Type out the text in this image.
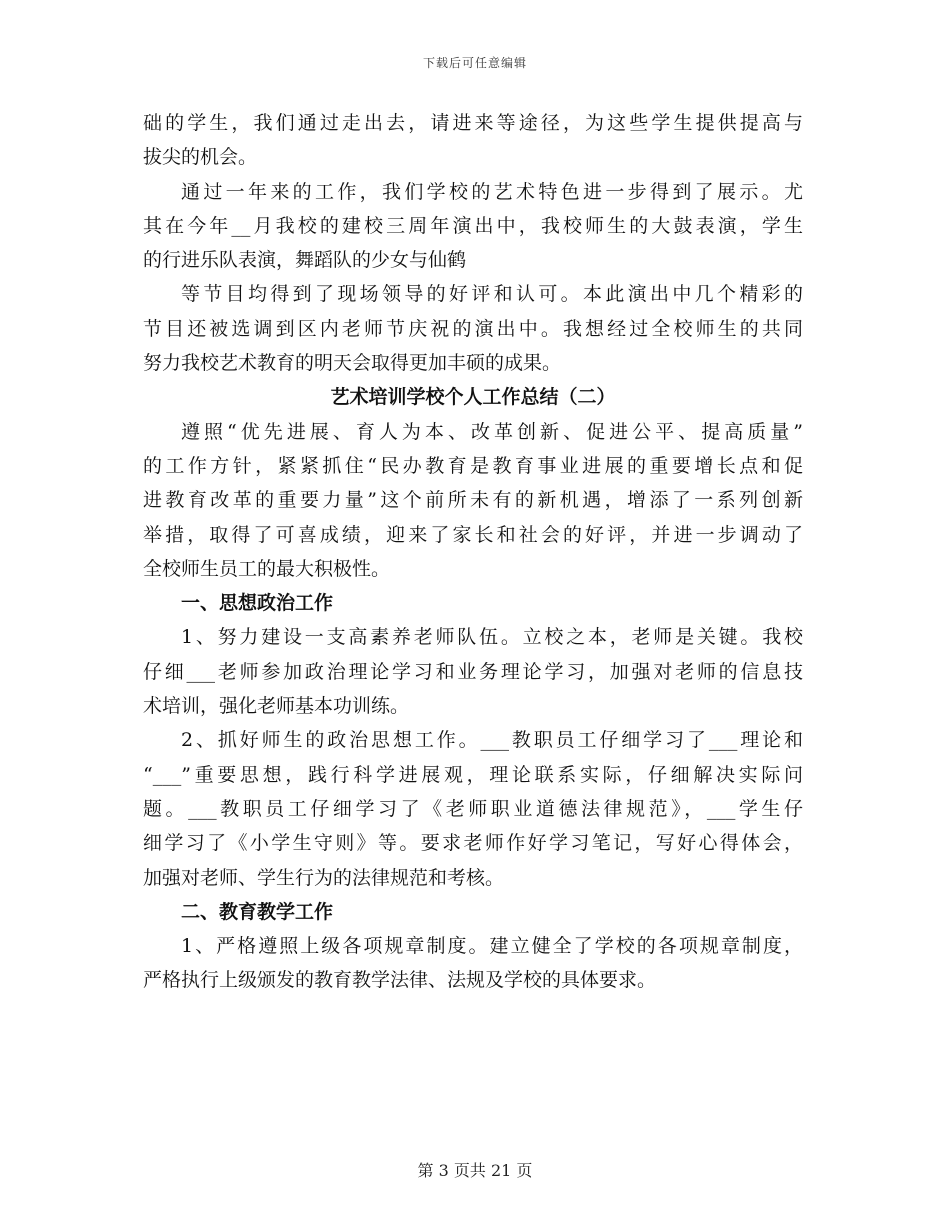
下载后可任意编辑
础的学生，我们通过走出去，请进来等途径，为这些学生提供提高与
拔尖的机会。
通过一年来的工作，我们学校的艺术特色进一步得到了展示。尤
其在今年__月我校的建校三周年演出中，我校师生的大鼓表演，学生
的行进乐队表演，舞蹈队的少女与仙鹤
等节目均得到了现场领导的好评和认可。本此演出中几个精彩的
节目还被选调到区内老师节庆祝的演出中。我想经过全校师生的共同
努力我校艺术教育的明天会取得更加丰硕的成果。
艺术培训学校个人工作总结（二）
遵照“优先进展、育人为本、改革创新、促进公平、提高质量”
的工作方针，紧紧抓住“民办教育是教育事业进展的重要增长点和促
进教育改革的重要力量”这个前所未有的新机遇，增添了一系列创新
举措，取得了可喜成绩，迎来了家长和社会的好评，并进一步调动了
全校师生员工的最大积极性。
一、思想政治工作
1、努力建设一支高素养老师队伍。立校之本，老师是关键。我校
仔细___老师参加政治理论学习和业务理论学习，加强对老师的信息技
术培训，强化老师基本功训练。
2、抓好师生的政治思想工作。___教职员工仔细学习了___理论和
“___”重要思想，践行科学进展观，理论联系实际，仔细解决实际问
题。___教职员工仔细学习了《老师职业道德法律规范》，___学生仔
细学习了《小学生守则》等。要求老师作好学习笔记，写好心得体会，
加强对老师、学生行为的法律规范和考核。
二、教育教学工作
1、严格遵照上级各项规章制度。建立健全了学校的各项规章制度，
严格执行上级颁发的教育教学法律、法规及学校的具体要求。
第 3 页共 21 页
